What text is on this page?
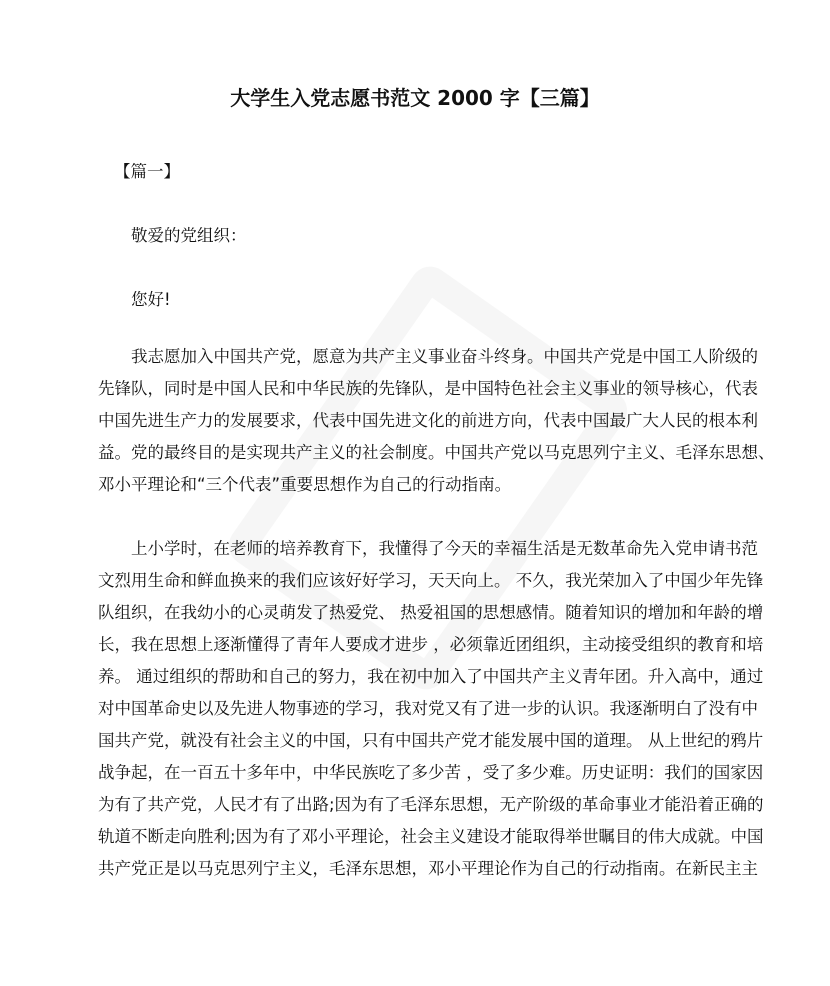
大学生入党志愿书范文 2000 字【三篇】
【篇一】
敬爱的党组织：
您好!
我志愿加入中国共产党，愿意为共产主义事业奋斗终身。中国共产党是中国工人阶级的
先锋队，同时是中国人民和中华民族的先锋队，是中国特色社会主义事业的领导核心，代表
中国先进生产力的发展要求，代表中国先进文化的前进方向，代表中国最广大人民的根本利
益。党的最终目的是实现共产主义的社会制度。中国共产党以马克思列宁主义、毛泽东思想、
邓小平理论和“三个代表”重要思想作为自己的行动指南。
上小学时，在老师的培养教育下，我懂得了今天的幸福生活是无数革命先入党申请书范
文烈用生命和鲜血换来的我们应该好好学习，天天向上。 不久，我光荣加入了中国少年先锋
队组织，在我幼小的心灵萌发了热爱党、 热爱祖国的思想感情。随着知识的增加和年龄的增
长，我在思想上逐渐懂得了青年人要成才进步 ，必须靠近团组织，主动接受组织的教育和培
养。 通过组织的帮助和自己的努力，我在初中加入了中国共产主义青年团。升入高中，通过
对中国革命史以及先进人物事迹的学习，我对党又有了进一步的认识。我逐渐明白了没有中
国共产党，就没有社会主义的中国，只有中国共产党才能发展中国的道理。 从上世纪的鸦片
战争起，在一百五十多年中，中华民族吃了多少苦 ，受了多少难。历史证明：我们的国家因
为有了共产党，人民才有了出路;因为有了毛泽东思想，无产阶级的革命事业才能沿着正确的
轨道不断走向胜利;因为有了邓小平理论，社会主义建设才能取得举世瞩目的伟大成就。中国
共产党正是以马克思列宁主义，毛泽东思想，邓小平理论作为自己的行动指南。在新民主主
